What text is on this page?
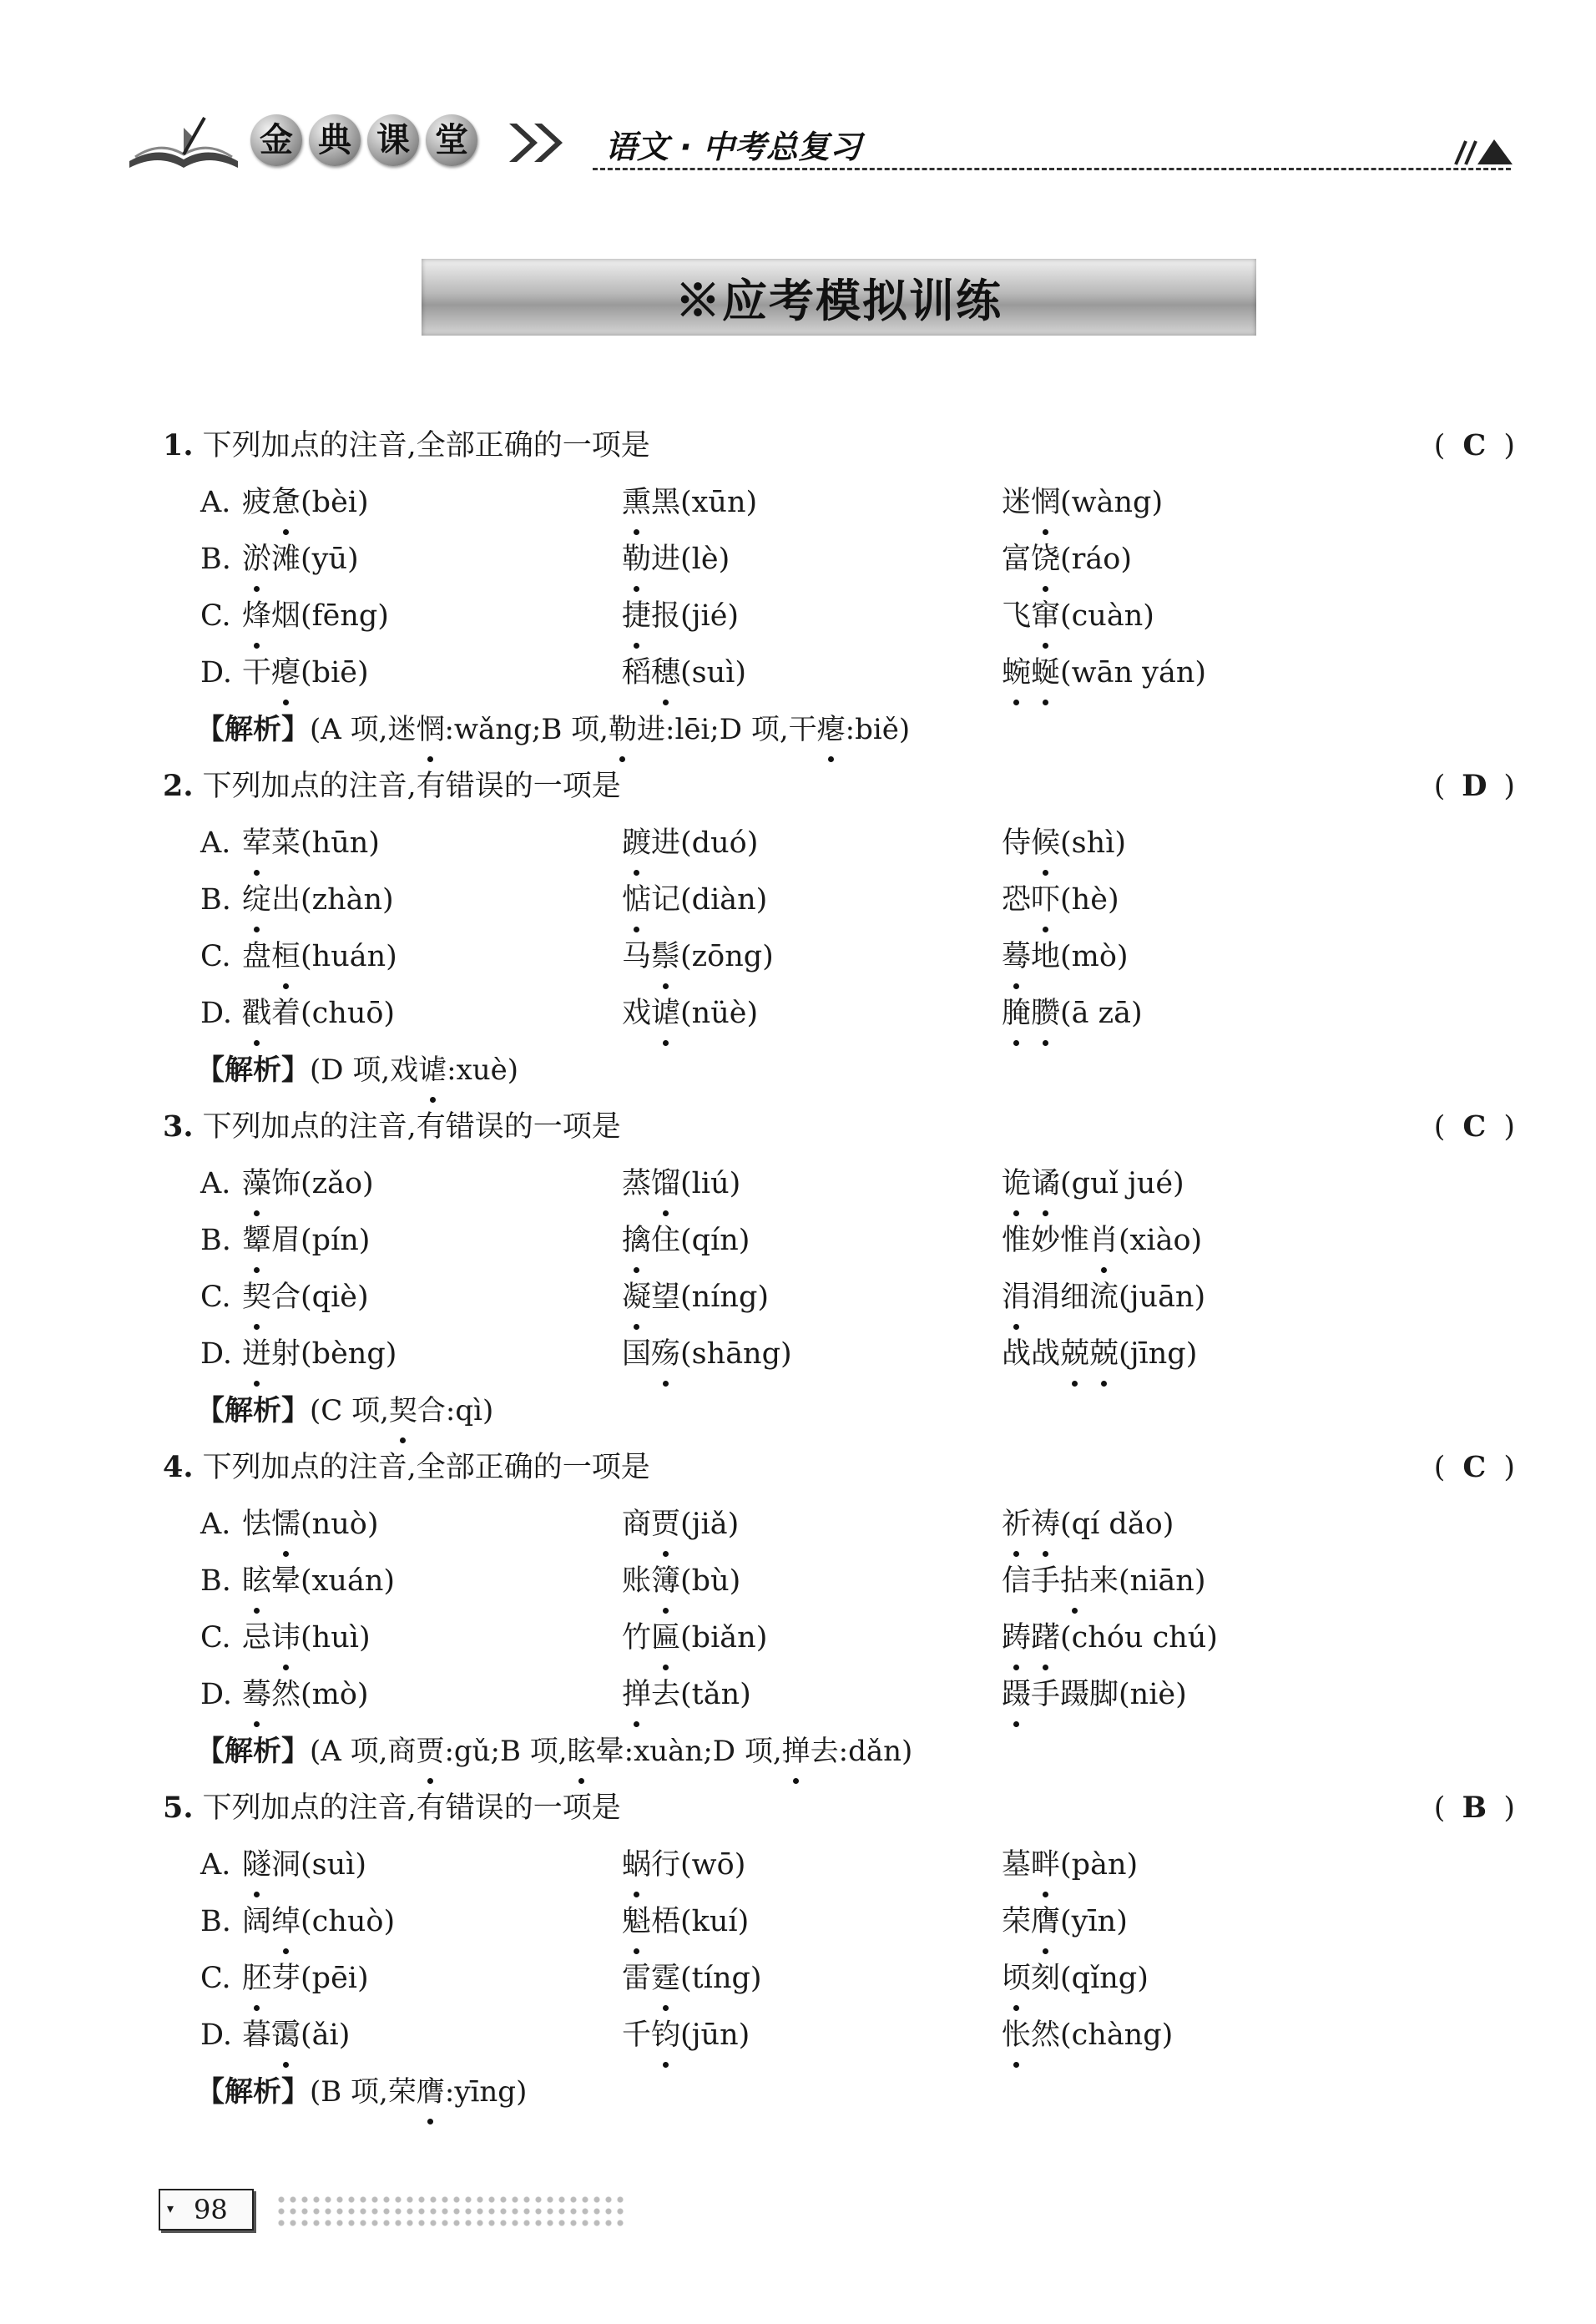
金 典 课 堂	语文 · 中考总复习
※应考模拟训练
1. 下列加点的注音,全部正确的一项是	( C )
A. 疲惫(bèi)	熏黑(xūn)	迷惘(wàng)
B. 淤滩(yū)	勒进(lè)	富饶(ráo)
C. 烽烟(fēng)	捷报(jié)	飞窜(cuàn)
D. 干瘪(biē)	稻穗(suì)	蜿蜒(wān yán)
【解析】(A 项,迷惘:wǎng;B 项,勒进:lēi;D 项,干瘪:biě)
2. 下列加点的注音,有错误的一项是	( D )
A. 荤菜(hūn)	踱进(duó)	侍候(shì)
B. 绽出(zhàn)	惦记(diàn)	恐吓(hè)
C. 盘桓(huán)	马鬃(zōng)	蓦地(mò)
D. 戳着(chuō)	戏谑(nüè)	腌臜(ā zā)
【解析】(D 项,戏谑:xuè)
3. 下列加点的注音,有错误的一项是	( C )
A. 藻饰(zǎo)	蒸馏(liú)	诡谲(guǐ jué)
B. 颦眉(pín)	擒住(qín)	惟妙惟肖(xiào)
C. 契合(qiè)	凝望(níng)	涓涓细流(juān)
D. 迸射(bèng)	国殇(shāng)	战战兢兢(jīng)
【解析】(C 项,契合:qì)
4. 下列加点的注音,全部正确的一项是	( C )
A. 怯懦(nuò)	商贾(jiǎ)	祈祷(qí dǎo)
B. 眩晕(xuán)	账簿(bù)	信手拈来(niān)
C. 忌讳(huì)	竹匾(biǎn)	踌躇(chóu chú)
D. 蓦然(mò)	掸去(tǎn)	蹑手蹑脚(niè)
【解析】(A 项,商贾:gǔ;B 项,眩晕:xuàn;D 项,掸去:dǎn)
5. 下列加点的注音,有错误的一项是	( B )
A. 隧洞(suì)	蜗行(wō)	墓畔(pàn)
B. 阔绰(chuò)	魁梧(kuí)	荣膺(yīn)
C. 胚芽(pēi)	雷霆(tíng)	顷刻(qǐng)
D. 暮霭(ǎi)	千钧(jūn)	怅然(chàng)
【解析】(B 项,荣膺:yīng)
▾ 98
